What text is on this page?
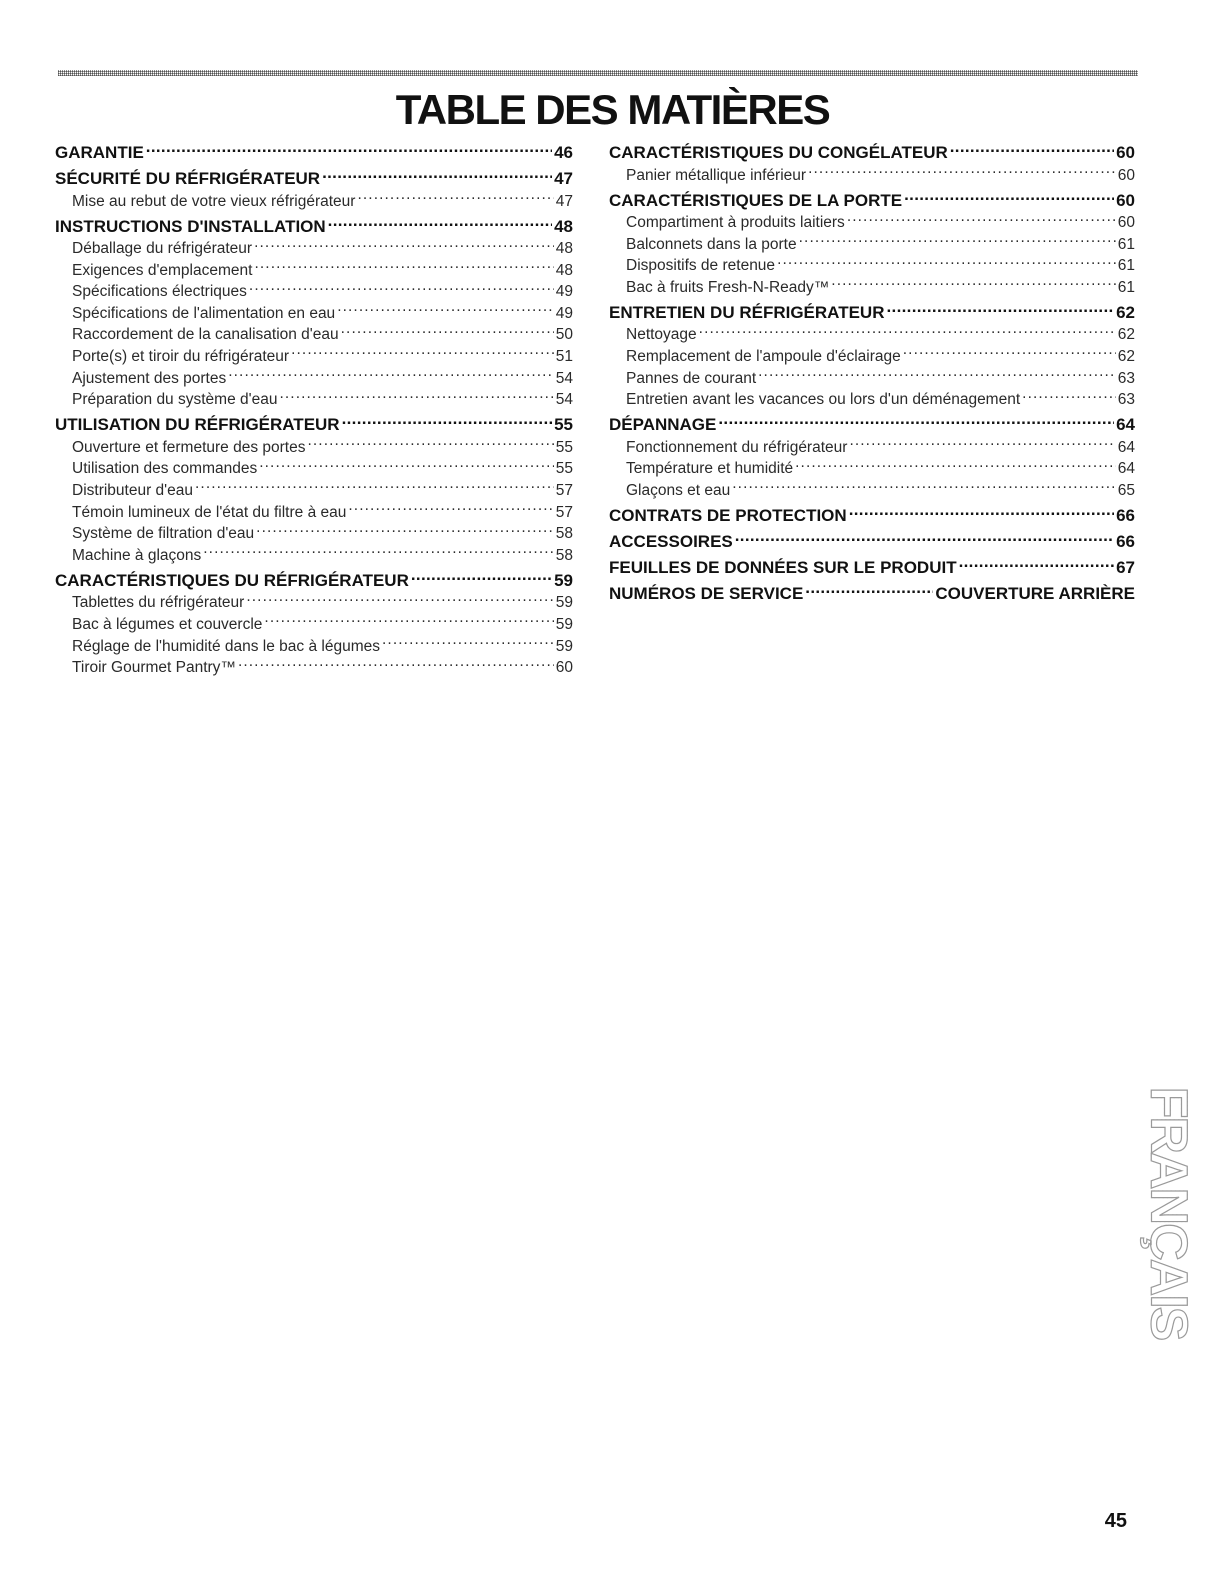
TABLE DES MATIÈRES
GARANTIE . . .	46
SÉCURITÉ DU RÉFRIGÉRATEUR . . .	47
Mise au rebut de votre vieux réfrigérateur . . .	47
INSTRUCTIONS D'INSTALLATION . . .	48
Déballage du réfrigérateur . . .	48
Exigences d'emplacement . . .	48
Spécifications électriques . . .	49
Spécifications de l'alimentation en eau . . .	49
Raccordement de la canalisation d'eau . . .	50
Porte(s) et tiroir du réfrigérateur . . .	51
Ajustement des portes . . .	54
Préparation du système d'eau . . .	54
UTILISATION DU RÉFRIGÉRATEUR . . .	55
Ouverture et fermeture des portes . . .	55
Utilisation des commandes . . .	55
Distributeur d'eau . . .	57
Témoin lumineux de l'état du filtre à eau . . .	57
Système de filtration d'eau . . .	58
Machine à glaçons . . .	58
CARACTÉRISTIQUES DU RÉFRIGÉRATEUR . . .	59
Tablettes du réfrigérateur . . .	59
Bac à légumes et couvercle . . .	59
Réglage de l'humidité dans le bac à légumes . . .	59
Tiroir Gourmet Pantry™ . . .	60
CARACTÉRISTIQUES DU CONGÉLATEUR . . .	60
Panier métallique inférieur . . .	60
CARACTÉRISTIQUES DE LA PORTE . . .	60
Compartiment à produits laitiers . . .	60
Balconnets dans la porte . . .	61
Dispositifs de retenue . . .	61
Bac à fruits Fresh-N-Ready™ . . .	61
ENTRETIEN DU RÉFRIGÉRATEUR . . .	62
Nettoyage . . .	62
Remplacement de l'ampoule d'éclairage . . .	62
Pannes de courant . . .	63
Entretien avant les vacances ou lors d'un déménagement . . .	63
DÉPANNAGE . . .	64
Fonctionnement du réfrigérateur . . .	64
Température et humidité . . .	64
Glaçons et eau . . .	65
CONTRATS DE PROTECTION . . .	66
ACCESSOIRES . . .	66
FEUILLES DE DONNÉES SUR LE PRODUIT . . .	67
NUMÉROS DE SERVICE . . .	COUVERTURE ARRIÈRE
FRANÇAIS
45
